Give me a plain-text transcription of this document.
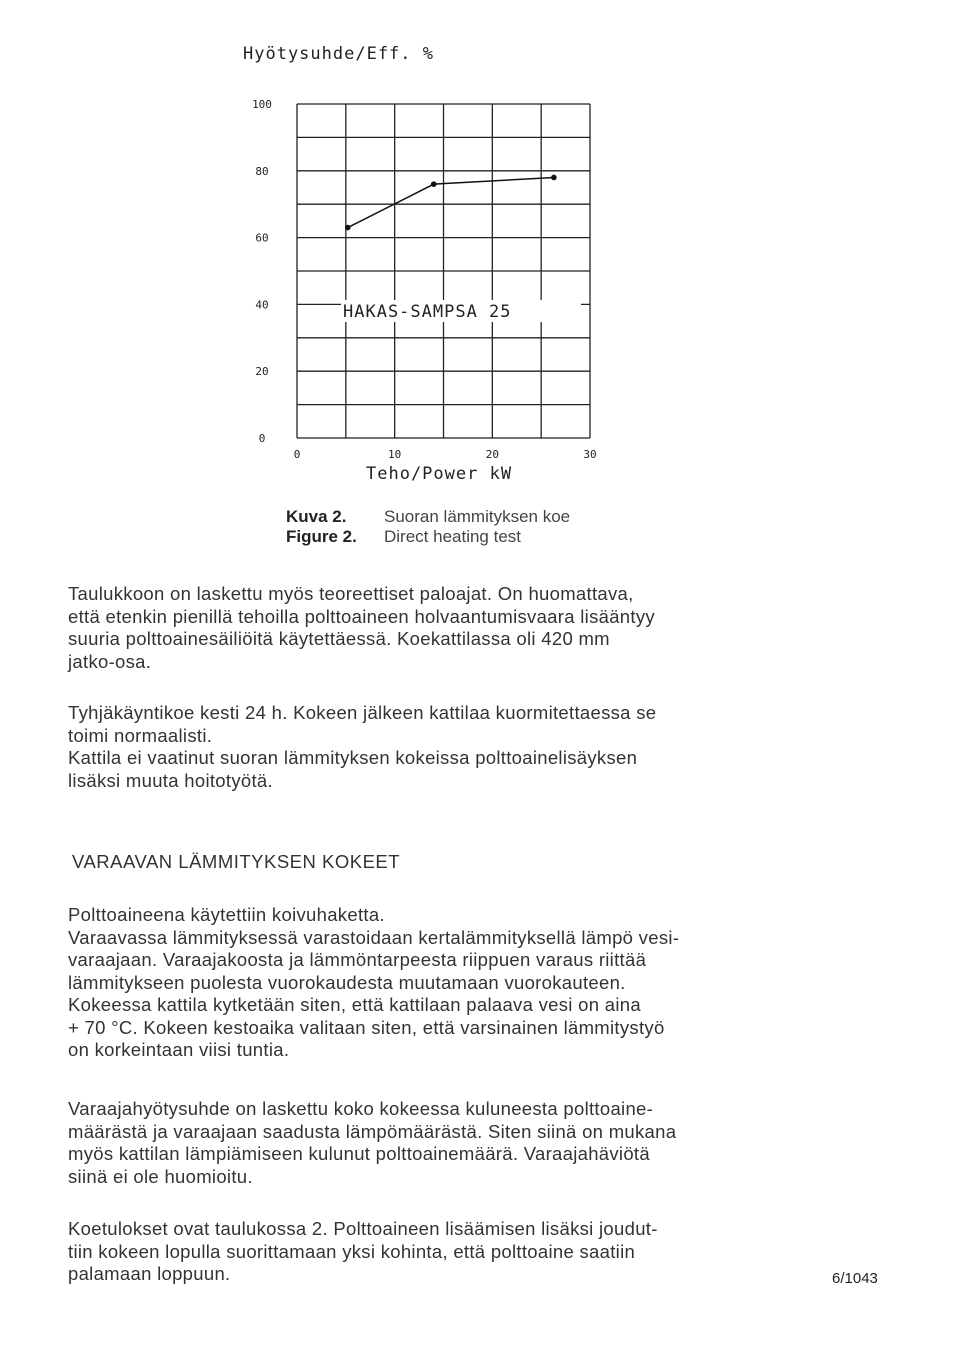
Hyötysuhde/Eff. %
0
20
40
60
80
100
0	10	20	30
HAKAS-SAMPSA 25
Teho/Power kW
Kuva 2. Suoran lämmityksen koe
Figure 2. Direct heating test
Taulukkoon on laskettu myös teoreettiset paloajat. On huomattava,
että etenkin pienillä tehoilla polttoaineen holvaantumisvaara lisääntyy
suuria polttoainesäiliöitä käytettäessä. Koekattilassa oli 420 mm
jatko-osa.
Tyhjäkäyntikoe kesti 24 h. Kokeen jälkeen kattilaa kuormitettaessa se
toimi normaalisti.
Kattila ei vaatinut suoran lämmityksen kokeissa polttoainelisäyksen
lisäksi muuta hoitotyötä.
VARAAVAN LÄMMITYKSEN KOKEET
Polttoaineena käytettiin koivuhaketta.
Varaavassa lämmityksessä varastoidaan kertalämmityksellä lämpö vesi-
varaajaan. Varaajakoosta ja lämmöntarpeesta riippuen varaus riittää
lämmitykseen puolesta vuorokaudesta muutamaan vuorokauteen.
Kokeessa kattila kytketään siten, että kattilaan palaava vesi on aina
+ 70 °C. Kokeen kestoaika valitaan siten, että varsinainen lämmitystyö
on korkeintaan viisi tuntia.
Varaajahyötysuhde on laskettu koko kokeessa kuluneesta polttoaine-
määrästä ja varaajaan saadusta lämpömäärästä. Siten siinä on mukana
myös kattilan lämpiämiseen kulunut polttoainemäärä. Varaajahäviötä
siinä ei ole huomioitu.
Koetulokset ovat taulukossa 2. Polttoaineen lisäämisen lisäksi joudut-
tiin kokeen lopulla suorittamaan yksi kohinta, että polttoaine saatiin
palamaan loppuun.	6/1043
